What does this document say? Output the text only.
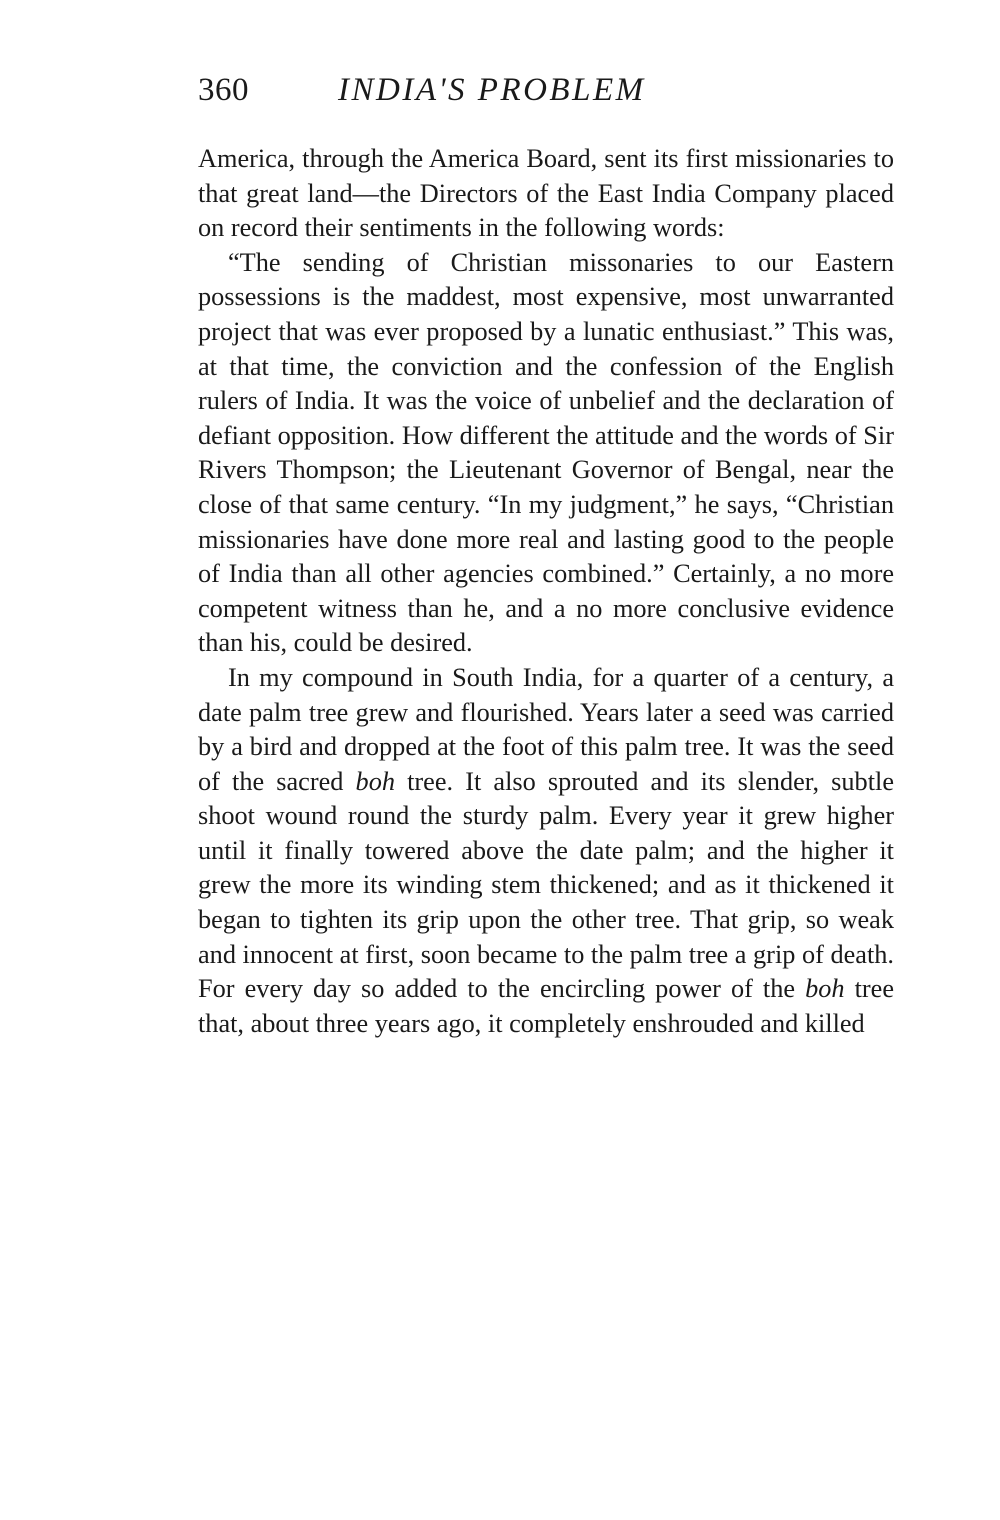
360	INDIA'S PROBLEM

America, through the America Board, sent its first missionaries to that great land—the Directors of the East India Company placed on record their sentiments in the following words:

“The sending of Christian missonaries to our Eastern possessions is the maddest, most expensive, most unwarranted project that was ever proposed by a lunatic enthusiast.” This was, at that time, the conviction and the confession of the English rulers of India. It was the voice of unbelief and the declaration of defiant opposition. How different the attitude and the words of Sir Rivers Thompson; the Lieutenant Governor of Bengal, near the close of that same century. “In my judgment,” he says, “Christian missionaries have done more real and lasting good to the people of India than all other agencies combined.” Certainly, a no more competent witness than he, and a no more conclusive evidence than his, could be desired.

In my compound in South India, for a quarter of a century, a date palm tree grew and flourished. Years later a seed was carried by a bird and dropped at the foot of this palm tree. It was the seed of the sacred boh tree. It also sprouted and its slender, subtle shoot wound round the sturdy palm. Every year it grew higher until it finally towered above the date palm; and the higher it grew the more its winding stem thickened; and as it thickened it began to tighten its grip upon the other tree. That grip, so weak and innocent at first, soon became to the palm tree a grip of death. For every day so added to the encircling power of the boh tree that, about three years ago, it completely enshrouded and killed
